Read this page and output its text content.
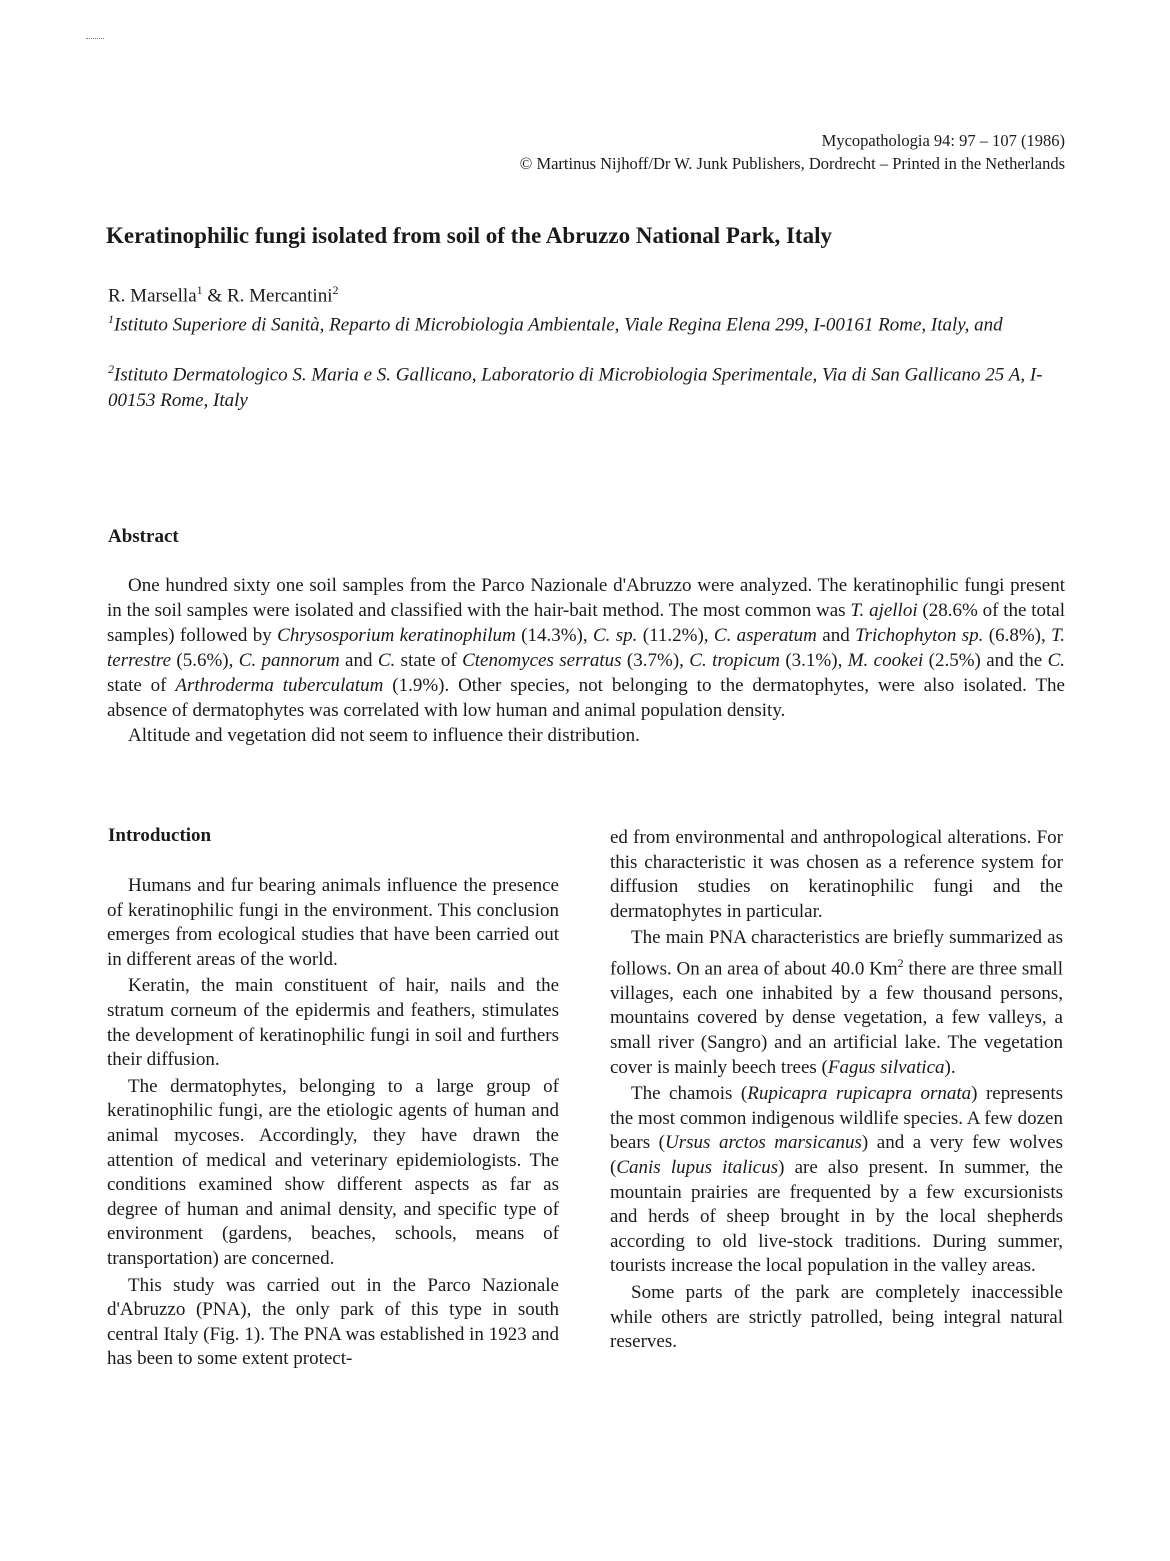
Mycopathologia 94: 97 – 107 (1986)
© Martinus Nijhoff/Dr W. Junk Publishers, Dordrecht – Printed in the Netherlands
Keratinophilic fungi isolated from soil of the Abruzzo National Park, Italy
R. Marsella$^1$ & R. Mercantini$^2$
$^1$Istituto Superiore di Sanità, Reparto di Microbiologia Ambientale, Viale Regina Elena 299, I-00161 Rome, Italy, and
$^2$Istituto Dermatologico S. Maria e S. Gallicano, Laboratorio di Microbiologia Sperimentale, Via di San Gallicano 25 A, I-00153 Rome, Italy
Abstract

One hundred sixty one soil samples from the Parco Nazionale d'Abruzzo were analyzed. The keratinophilic fungi present in the soil samples were isolated and classified with the hair-bait method. The most common was T. ajelloi (28.6% of the total samples) followed by Chrysosporium keratinophilum (14.3%), C. sp. (11.2%), C. asperatum and Trichophyton sp. (6.8%), T. terrestre (5.6%), C. pannorum and C. state of Ctenomyces serratus (3.7%), C. tropicum (3.1%), M. cookei (2.5%) and the C. state of Arthroderma tuberculatum (1.9%). Other species, not belonging to the dermatophytes, were also isolated. The absence of dermatophytes was correlated with low human and animal population density.

Altitude and vegetation did not seem to influence their distribution.

Introduction

Humans and fur bearing animals influence the presence of keratinophilic fungi in the environment. This conclusion emerges from ecological studies that have been carried out in different areas of the world.

Keratin, the main constituent of hair, nails and the stratum corneum of the epidermis and feathers, stimulates the development of keratinophilic fungi in soil and furthers their diffusion.

The dermatophytes, belonging to a large group of keratinophilic fungi, are the etiologic agents of human and animal mycoses. Accordingly, they have drawn the attention of medical and veterinary epidemiologists. The conditions examined show different aspects as far as degree of human and animal density, and specific type of environment (gardens, beaches, schools, means of transportation) are concerned.

This study was carried out in the Parco Nazionale d'Abruzzo (PNA), the only park of this type in south central Italy (Fig. 1). The PNA was established in 1923 and has been to some extent protect-

ed from environmental and anthropological alterations. For this characteristic it was chosen as a reference system for diffusion studies on keratinophilic fungi and the dermatophytes in particular.

The main PNA characteristics are briefly summarized as follows. On an area of about 40.0 Km$^2$ there are three small villages, each one inhabited by a few thousand persons, mountains covered by dense vegetation, a few valleys, a small river (Sangro) and an artificial lake. The vegetation cover is mainly beech trees (Fagus silvatica).

The chamois (Rupicapra rupicapra ornata) represents the most common indigenous wildlife species. A few dozen bears (Ursus arctos marsicanus) and a very few wolves (Canis lupus italicus) are also present. In summer, the mountain prairies are frequented by a few excursionists and herds of sheep brought in by the local shepherds according to old live-stock traditions. During summer, tourists increase the local population in the valley areas.

Some parts of the park are completely inaccessible while others are strictly patrolled, being integral natural reserves.
